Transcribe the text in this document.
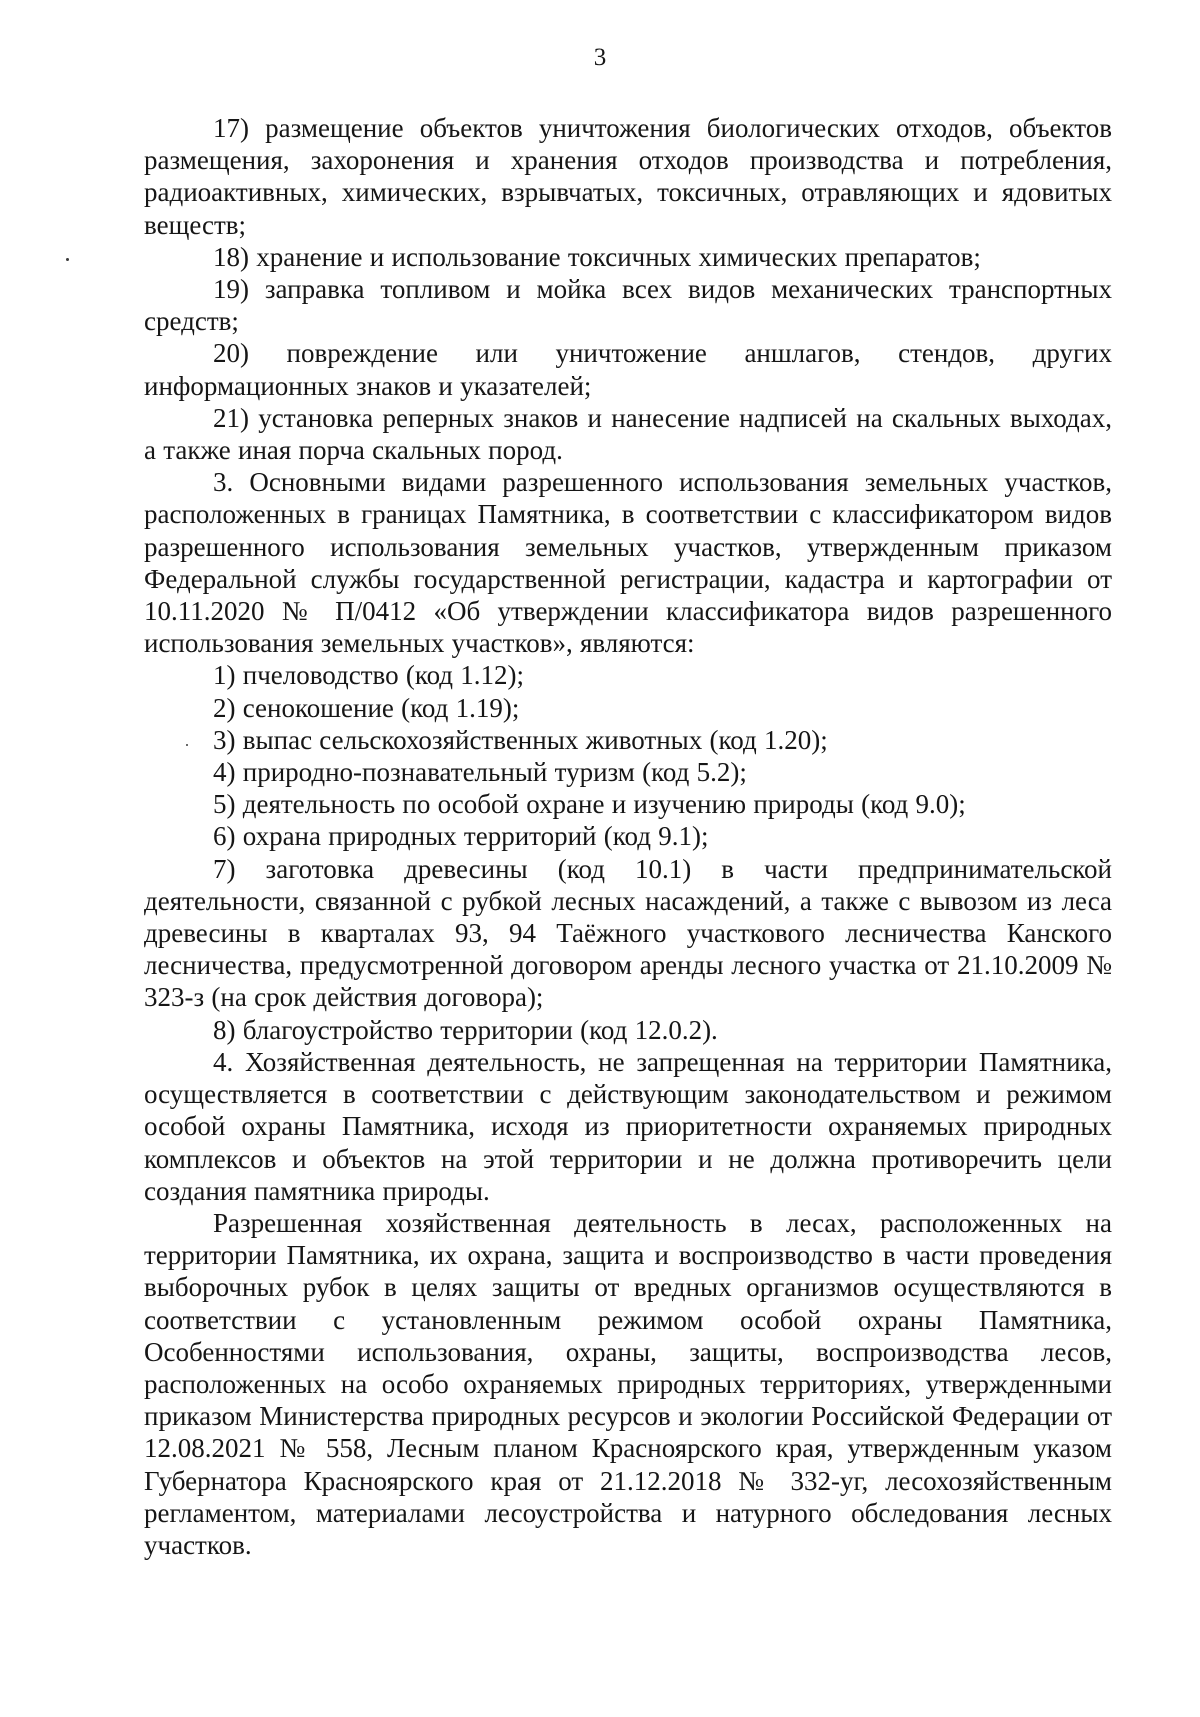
3

17) размещение объектов уничтожения биологических отходов, объектов размещения, захоронения и хранения отходов производства и потребления, радиоактивных, химических, взрывчатых, токсичных, отравляющих и ядовитых веществ;

18) хранение и использование токсичных химических препаратов;

19) заправка топливом и мойка всех видов механических транспортных средств;

20) повреждение или уничтожение аншлагов, стендов, других информационных знаков и указателей;

21) установка реперных знаков и нанесение надписей на скальных выходах, а также иная порча скальных пород.

3. Основными видами разрешенного использования земельных участков, расположенных в границах Памятника, в соответствии с классификатором видов разрешенного использования земельных участков, утвержденным приказом Федеральной службы государственной регистрации, кадастра и картографии от 10.11.2020 № П/0412 «Об утверждении классификатора видов разрешенного использования земельных участков», являются:

1) пчеловодство (код 1.12);

2) сенокошение (код 1.19);

3) выпас сельскохозяйственных животных (код 1.20);

4) природно-познавательный туризм (код 5.2);

5) деятельность по особой охране и изучению природы (код 9.0);

6) охрана природных территорий (код 9.1);

7) заготовка древесины (код 10.1) в части предпринимательской деятельности, связанной с рубкой лесных насаждений, а также с вывозом из леса древесины в кварталах 93, 94 Таёжного участкового лесничества Канского лесничества, предусмотренной договором аренды лесного участка от 21.10.2009 № 323-з (на срок действия договора);

8) благоустройство территории (код 12.0.2).

4. Хозяйственная деятельность, не запрещенная на территории Памятника, осуществляется в соответствии с действующим законодательством и режимом особой охраны Памятника, исходя из приоритетности охраняемых природных комплексов и объектов на этой территории и не должна противоречить цели создания памятника природы.

Разрешенная хозяйственная деятельность в лесах, расположенных на территории Памятника, их охрана, защита и воспроизводство в части проведения выборочных рубок в целях защиты от вредных организмов осуществляются в соответствии с установленным режимом особой охраны Памятника, Особенностями использования, охраны, защиты, воспроизводства лесов, расположенных на особо охраняемых природных территориях, утвержденными приказом Министерства природных ресурсов и экологии Российской Федерации от 12.08.2021 № 558, Лесным планом Красноярского края, утвержденным указом Губернатора Красноярского края от 21.12.2018 № 332-уг, лесохозяйственным регламентом, материалами лесоустройства и натурного обследования лесных участков.
